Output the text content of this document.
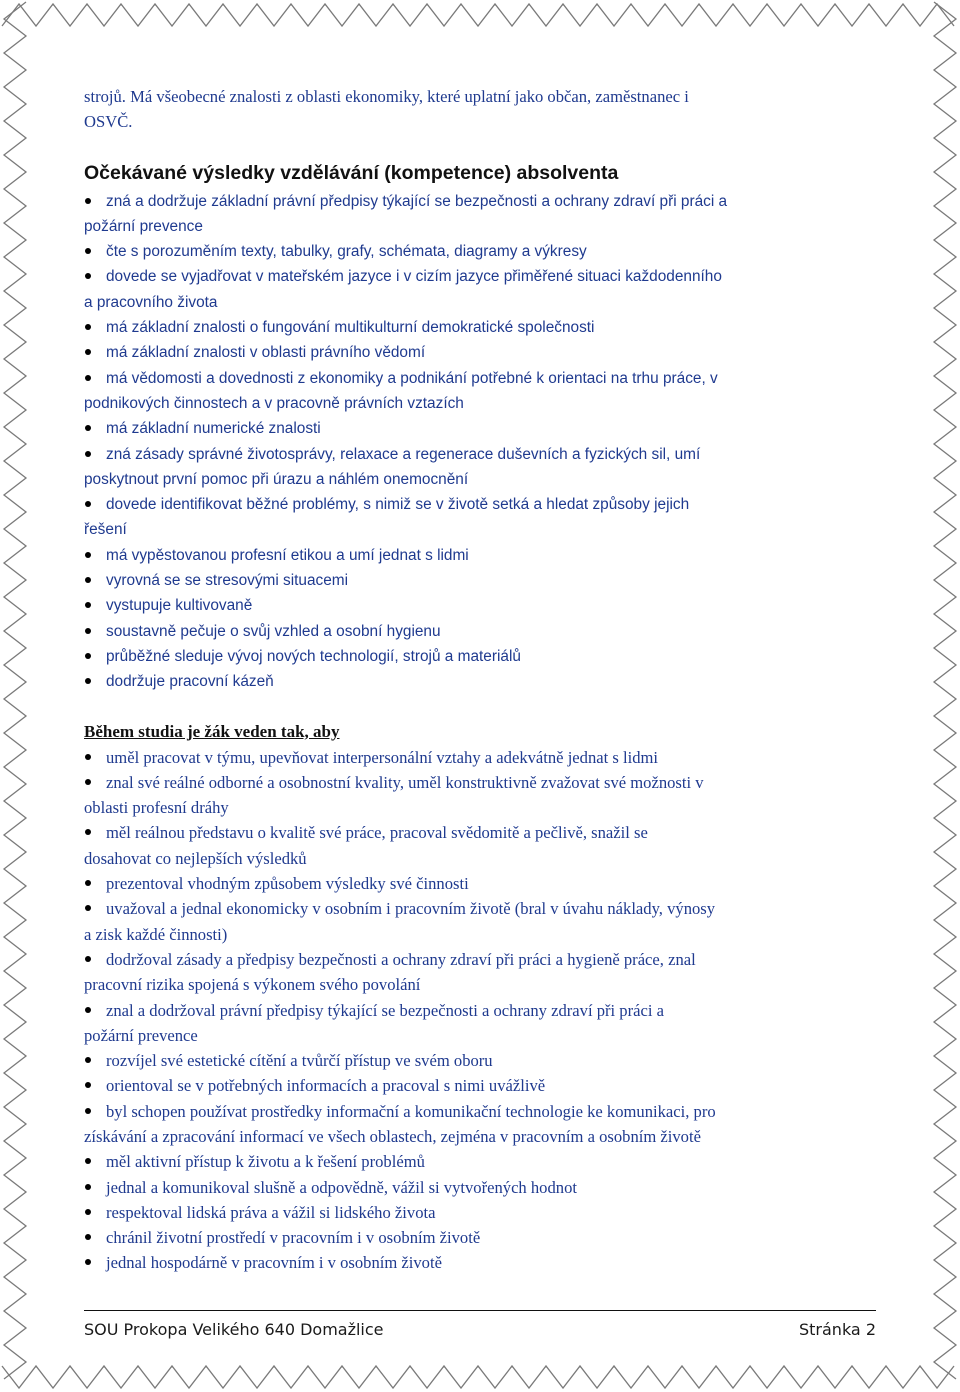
strojů. Má všeobecné znalosti z oblasti ekonomiky, které uplatní jako občan, zaměstnanec i
OSVČ.

Očekávané výsledky vzdělávání (kompetence) absolventa
zná a dodržuje základní právní předpisy týkající se bezpečnosti a ochrany zdraví při práci a
požární prevence
čte s porozuměním texty, tabulky, grafy, schémata, diagramy a výkresy
dovede se vyjadřovat v mateřském jazyce i v cizím jazyce přiměřené situaci každodenního
a pracovního života
má základní znalosti o fungování multikulturní demokratické společnosti
má základní znalosti v oblasti právního vědomí
má vědomosti a dovednosti z ekonomiky a podnikání potřebné k orientaci na trhu práce, v
podnikových činnostech a v pracovně právních vztazích
má základní numerické znalosti
zná zásady správné životosprávy, relaxace a regenerace duševních a fyzických sil, umí
poskytnout první pomoc při úrazu a náhlém onemocnění
dovede identifikovat běžné problémy, s nimiž se v životě setká a hledat způsoby jejich
řešení
má vypěstovanou profesní etikou a umí jednat s lidmi
vyrovná se se stresovými situacemi
vystupuje kultivovaně
soustavně pečuje o svůj vzhled a osobní hygienu
průběžné sleduje vývoj nových technologií, strojů a materiálů
dodržuje pracovní kázeň
Během studia je žák veden tak, aby
uměl pracovat v týmu, upevňovat interpersonální vztahy a adekvátně jednat s lidmi
znal své reálné odborné a osobnostní kvality, uměl konstruktivně zvažovat své možnosti v
oblasti profesní dráhy
měl reálnou představu o kvalitě své práce, pracoval svědomitě a pečlivě, snažil se
dosahovat co nejlepších výsledků
prezentoval vhodným způsobem výsledky své činnosti
uvažoval a jednal ekonomicky v osobním i pracovním životě (bral v úvahu náklady, výnosy
a zisk každé činnosti)
dodržoval zásady a předpisy bezpečnosti a ochrany zdraví při práci a hygieně práce, znal
pracovní rizika spojená s výkonem svého povolání
znal a dodržoval právní předpisy týkající se bezpečnosti a ochrany zdraví při práci a
požární prevence
rozvíjel své estetické cítění a tvůrčí přístup ve svém oboru
orientoval se v potřebných informacích a pracoval s nimi uvážlivě
byl schopen používat prostředky informační a komunikační technologie ke komunikaci, pro
získávání a zpracování informací ve všech oblastech, zejména v pracovním a osobním životě
měl aktivní přístup k životu a k řešení problémů
jednal a komunikoval slušně a odpovědně, vážil si vytvořených hodnot
respektoval lidská práva a vážil si lidského života
chránil životní prostředí v pracovním i v osobním životě
jednal hospodárně v pracovním i v osobním životě
SOU Prokopa Velikého 640 Domažlice	Stránka 2
